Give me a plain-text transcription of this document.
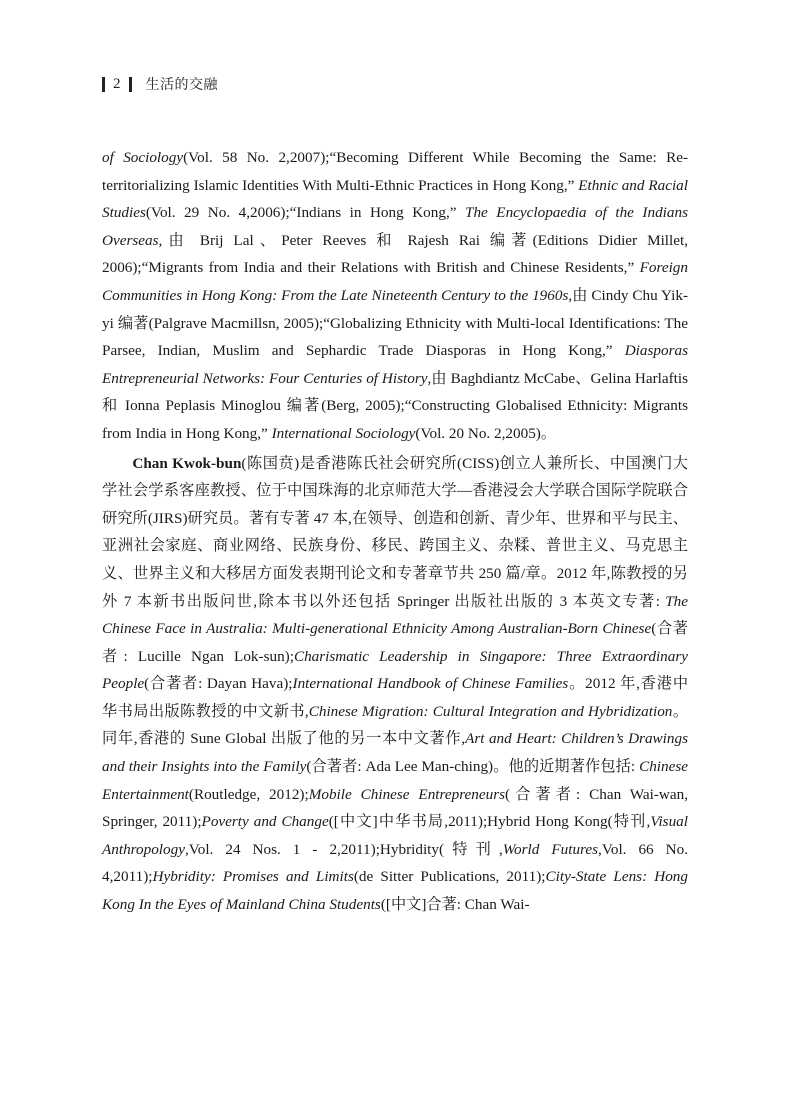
2 生活的交融

of Sociology(Vol. 58 No. 2,2007);“Becoming Different While Becoming the Same: Re-territorializing Islamic Identities With Multi-Ethnic Practices in Hong Kong,” Ethnic and Racial Studies(Vol. 29 No. 4,2006);“Indians in Hong Kong,” The Encyclopaedia of the Indians Overseas,由 Brij Lal、Peter Reeves 和 Rajesh Rai 编著(Editions Didier Millet, 2006);“Migrants from India and their Relations with British and Chinese Residents,” Foreign Communities in Hong Kong: From the Late Nineteenth Century to the 1960s,由 Cindy Chu Yik-yi 编著(Palgrave Macmillsn, 2005);“Globalizing Ethnicity with Multi-local Identifications: The Parsee, Indian, Muslim and Sephardic Trade Diasporas in Hong Kong,” Diasporas Entrepreneurial Networks: Four Centuries of History,由 Baghdiantz McCabe、Gelina Harlaftis 和 Ionna Peplasis Minoglou 编著(Berg, 2005);“Constructing Globalised Ethnicity: Migrants from India in Hong Kong,” International Sociology(Vol. 20 No. 2,2005)。

Chan Kwok-bun(陈国贲)是香港陈氏社会研究所(CISS)创立人兼所长、中国澳门大学社会学系客座教授、位于中国珠海的北京师范大学—香港浸会大学联合国际学院联合研究所(JIRS)研究员。著有专著 47 本,在领导、创造和创新、青少年、世界和平与民主、亚洲社会家庭、商业网络、民族身份、移民、跨国主义、杂糅、普世主义、马克思主义、世界主义和大移居方面发表期刊论文和专著章节共 250 篇/章。2012 年,陈教授的另外 7 本新书出版问世,除本书以外还包括 Springer 出版社出版的 3 本英文专著: The Chinese Face in Australia: Multi-generational Ethnicity Among Australian-Born Chinese(合著者: Lucille Ngan Lok-sun);Charismatic Leadership in Singapore: Three Extraordinary People(合著者: Dayan Hava);International Handbook of Chinese Families。2012 年,香港中华书局出版陈教授的中文新书,Chinese Migration: Cultural Integration and Hybridization。同年,香港的 Sune Global 出版了他的另一本中文著作,Art and Heart: Children’s Drawings and their Insights into the Family(合著者: Ada Lee Man-ching)。他的近期著作包括: Chinese Entertainment(Routledge, 2012);Mobile Chinese Entrepreneurs(合著者: Chan Wai-wan, Springer, 2011);Poverty and Change([中文]中华书局,2011);Hybrid Hong Kong(特刊,Visual Anthropology,Vol. 24 Nos. 1 - 2,2011);Hybridity(特刊,World Futures,Vol. 66 No. 4,2011);Hybridity: Promises and Limits(de Sitter Publications, 2011);City-State Lens: Hong Kong In the Eyes of Mainland China Students([中文]合著: Chan Wai-
